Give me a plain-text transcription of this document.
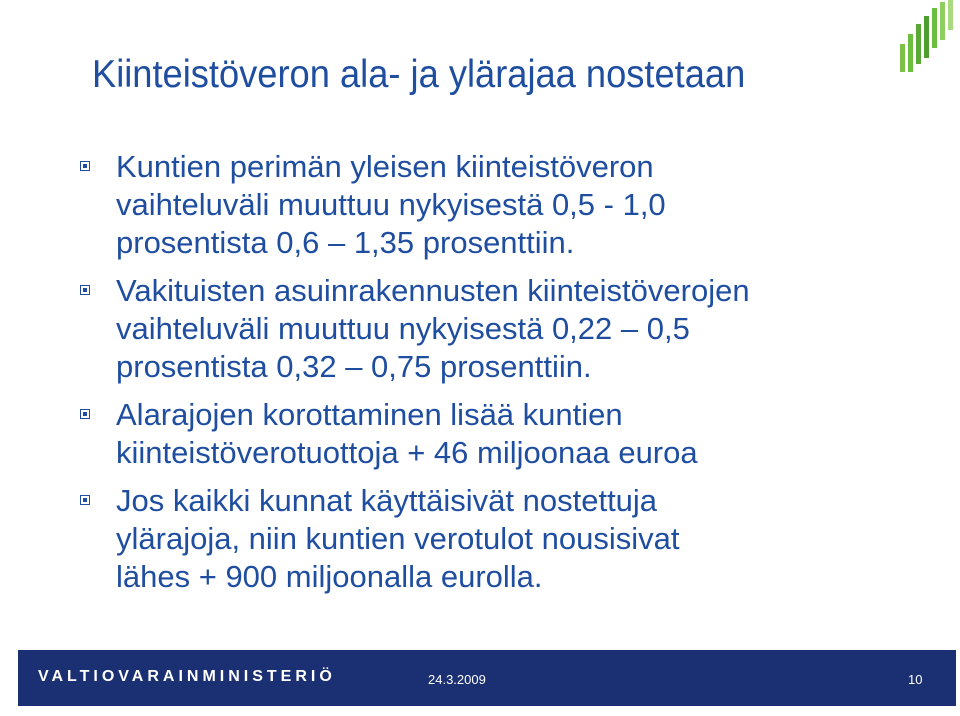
Kiinteistöveron ala- ja ylärajaa nostetaan
Kuntien perimän yleisen kiinteistöveron
vaihteluväli muuttuu nykyisestä 0,5 - 1,0
prosentista 0,6 – 1,35 prosenttiin.
Vakituisten asuinrakennusten kiinteistöverojen
vaihteluväli muuttuu nykyisestä 0,22 – 0,5
prosentista 0,32 – 0,75 prosenttiin.
Alarajojen korottaminen lisää kuntien
kiinteistöverotuottoja + 46 miljoonaa euroa
Jos kaikki kunnat käyttäisivät nostettuja
ylärajoja, niin kuntien verotulot nousisivat
lähes + 900 miljoonalla eurolla.
VALTIOVARAINMINISTERIÖ	24.3.2009	10
